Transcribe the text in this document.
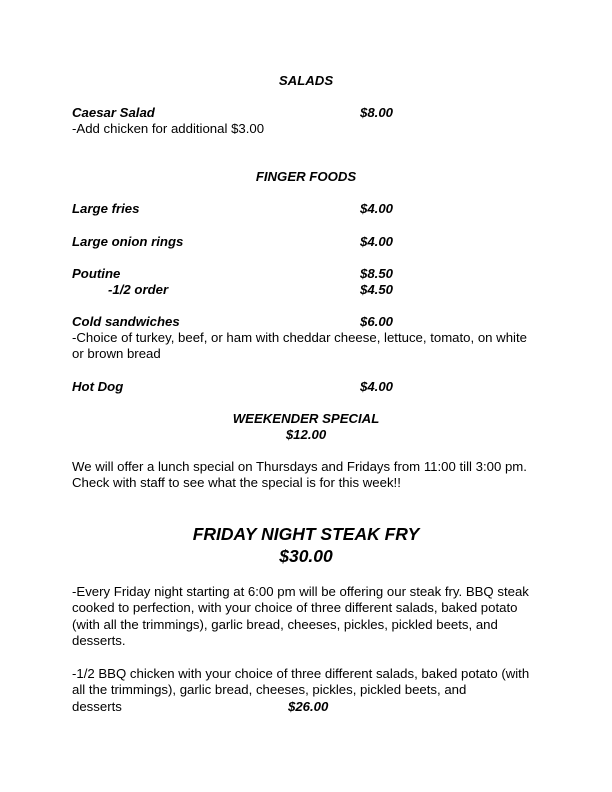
SALADS
Caesar Salad	$8.00
-Add chicken for additional $3.00
FINGER FOODS
Large fries	$4.00
Large onion rings	$4.00
Poutine	$8.50
-1/2 order	$4.50
Cold sandwiches	$6.00
-Choice of turkey, beef, or ham with cheddar cheese, lettuce, tomato, on white or brown bread
Hot Dog	$4.00
WEEKENDER SPECIAL
$12.00
We will offer a lunch special on Thursdays and Fridays from 11:00 till 3:00 pm. Check with staff to see what the special is for this week!!
FRIDAY NIGHT STEAK FRY
$30.00
-Every Friday night starting at 6:00 pm will be offering our steak fry. BBQ steak cooked to perfection, with your choice of three different salads, baked potato (with all the trimmings), garlic bread, cheeses, pickles, pickled beets, and desserts.
-1/2 BBQ chicken with your choice of three different salads, baked potato (with all the trimmings), garlic bread, cheeses, pickles, pickled beets, and
desserts	$26.00
